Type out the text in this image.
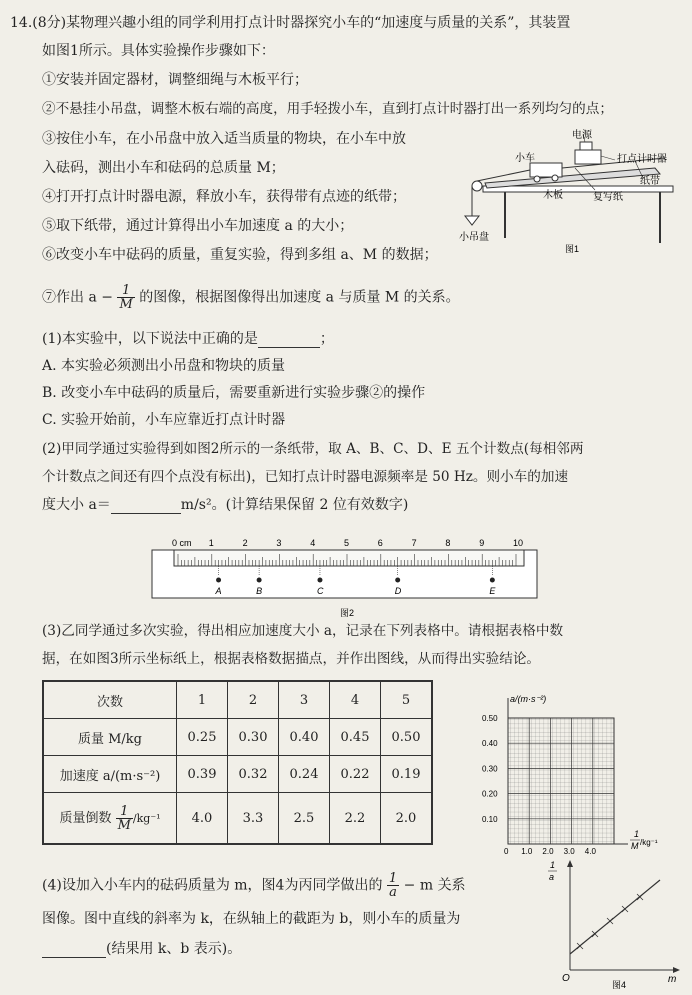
14.(8分)某物理兴趣小组的同学利用打点计时器探究小车的“加速度与质量的关系”，其装置
如图1所示。具体实验操作步骤如下：
①安装并固定器材，调整细绳与木板平行；
②不悬挂小吊盘，调整木板右端的高度，用手轻拨小车，直到打点计时器打出一系列均匀的点；
③按住小车，在小吊盘中放入适当质量的物块，在小车中放
入砝码，测出小车和砝码的总质量 M；
④打开打点计时器电源，释放小车，获得带有点迹的纸带；
⑤取下纸带，通过计算得出小车加速度 a 的大小；
⑥改变小车中砝码的质量，重复实验，得到多组 a、M 的数据；
⑦作出 $a - \frac{1}{M}$ 的图像，根据图像得出加速度 a 与质量 M 的关系。
电源
小车	打点计时器
纸带
木板	复写纸
小吊盘
图1
(1)本实验中，以下说法中正确的是	；
A. 本实验必须测出小吊盘和物块的质量
B. 改变小车中砝码的质量后，需要重新进行实验步骤②的操作
C. 实验开始前，小车应靠近打点计时器
(2)甲同学通过实验得到如图2所示的一条纸带，取 A、B、C、D、E 五个计数点(每相邻两
个计数点之间还有四个点没有标出)，已知打点计时器电源频率是 50 Hz。则小车的加速
度大小 a＝	m/s²。(计算结果保留 2 位有效数字)
0 cm 1	2	3	4	5	6	7	8	9	10
A	B	C	D	E
图2
(3)乙同学通过多次实验，得出相应加速度大小 a，记录在下列表格中。请根据表格中数
据，在如图3所示坐标纸上，根据表格数据描点，并作出图线，从而得出实验结论。
次数	1	2	3	4	5
质量 M/kg	0.25	0.30	0.40	0.45	0.50
加速度 a/(m·s⁻²)	0.39	0.32	0.24	0.22	0.19
质量倒数 $\frac{1}{M} /kg^{-1}$	4.0	3.3	2.5	2.2	2.0
a/(m·s⁻²)
0.50
0.40
0.30
0.20
0.10
0 1.0 2.0 3.0 4.0
1
M /kg⁻¹
(4)设加入小车内的砝码质量为 m，图4为丙同学做出的 $\frac{1}{a} - m$ 关系
图像。图中直线的斜率为 k，在纵轴上的截距为 b，则小车的质量为
(结果用 k、b 表示)。
1
a
O	m
图4
